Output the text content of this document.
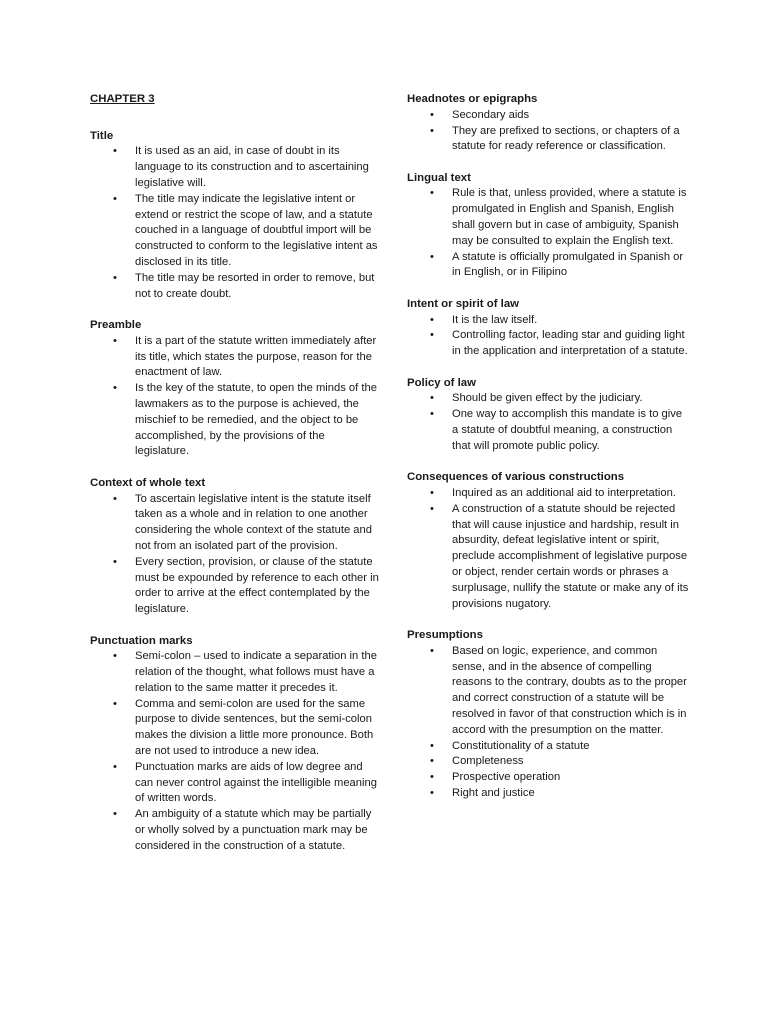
CHAPTER 3
Title
• It is used as an aid, in case of doubt in its language to its construction and to ascertaining legislative will.
• The title may indicate the legislative intent or extend or restrict the scope of law, and a statute couched in a language of doubtful import will be constructed to conform to the legislative intent as disclosed in its title.
• The title may be resorted in order to remove, but not to create doubt.
Preamble
• It is a part of the statute written immediately after its title, which states the purpose, reason for the enactment of law.
• Is the key of the statute, to open the minds of the lawmakers as to the purpose is achieved, the mischief to be remedied, and the object to be accomplished, by the provisions of the legislature.
Context of whole text
• To ascertain legislative intent is the statute itself taken as a whole and in relation to one another considering the whole context of the statute and not from an isolated part of the provision.
• Every section, provision, or clause of the statute must be expounded by reference to each other in order to arrive at the effect contemplated by the legislature.
Punctuation marks
• Semi-colon – used to indicate a separation in the relation of the thought, what follows must have a relation to the same matter it precedes it.
• Comma and semi-colon are used for the same purpose to divide sentences, but the semi-colon makes the division a little more pronounce. Both are not used to introduce a new idea.
• Punctuation marks are aids of low degree and can never control against the intelligible meaning of written words.
• An ambiguity of a statute which may be partially or wholly solved by a punctuation mark may be considered in the construction of a statute.
Headnotes or epigraphs
• Secondary aids
• They are prefixed to sections, or chapters of a statute for ready reference or classification.
Lingual text
• Rule is that, unless provided, where a statute is promulgated in English and Spanish, English shall govern but in case of ambiguity, Spanish may be consulted to explain the English text.
• A statute is officially promulgated in Spanish or in English, or in Filipino
Intent or spirit of law
• It is the law itself.
• Controlling factor, leading star and guiding light in the application and interpretation of a statute.
Policy of law
• Should be given effect by the judiciary.
• One way to accomplish this mandate is to give a statute of doubtful meaning, a construction that will promote public policy.
Consequences of various constructions
• Inquired as an additional aid to interpretation.
• A construction of a statute should be rejected that will cause injustice and hardship, result in absurdity, defeat legislative intent or spirit, preclude accomplishment of legislative purpose or object, render certain words or phrases a surplusage, nullify the statute or make any of its provisions nugatory.
Presumptions
• Based on logic, experience, and common sense, and in the absence of compelling reasons to the contrary, doubts as to the proper and correct construction of a statute will be resolved in favor of that construction which is in accord with the presumption on the matter.
• Constitutionality of a statute
• Completeness
• Prospective operation
• Right and justice
